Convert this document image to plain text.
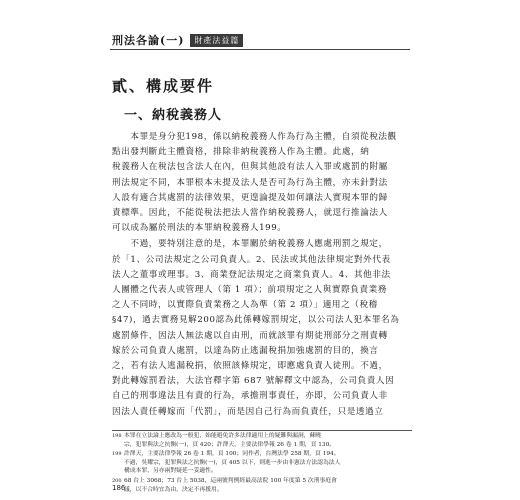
刑法各論(一)	財產法益篇
貳、構成要件
一、納稅義務人

　　本罪是身分犯198，係以納稅義務人作為行為主體，自須從稅法觀
點出發判斷此主體資格，排除非納稅義務人作為主體。此處，納
稅義務人在稅法包含法人在內，但與其他設有法人入罪或處罰的附屬
刑法規定不同，本罪根本未提及法人是否可為行為主體，亦未針對法
人設有適合其處罰的法律效果，更遑論提及如何讓法人實現本罪的歸
責標準。因此，不能從稅法把法人當作納稅義務人，就逕行推論法人
可以成為屬於刑法的本罪納稅義務人199。

　　不過，要特別注意的是，本罪關於納稅義務人應處刑罰之規定，
於「1、公司法規定之公司負責人。2、民法或其他法律規定對外代表
法人之董事或理事。3、商業登記法規定之商業負責人。4、其他非法
人團體之代表人或管理人（第 1 項）；前項規定之人與實際負責業務
之人不同時，以實際負責業務之人為準（第 2 項）」適用之（稅稽
§47)，過去實務見解200認為此係轉嫁罰規定，以公司法人犯本罪名為
處罰條件，因法人無法處以自由刑，而就該罪有期徒刑部分之刑責轉
嫁於公司負責人處罰，以達為防止逃漏稅捐加強處罰的目的，換言
之，若有法人逃漏稅捐，依照該條規定，即應處負責人徒刑。不過，
對此轉嫁罰看法，大法官釋字第 687 號解釋文中認為，公司負責人因
自己的刑事違法且有責的行為，承擔刑事責任，亦即，公司負責人非
因法人責任轉嫁而「代罰」，而是因自己行為而負責任，只是透過立

198 本罪在立法論上應改為一般犯，始能避免許多法律適用上的疑難與漏洞，蘇曉
宗，犯罪與法之抗衡(一)，頁 420；許澤天，主要法律學報 26 卷 1 期，頁 130。
199 許澤天，主要法律學報 26 卷 1 期，頁 100；同作者，台灣法學 258 期，頁 194。
不過，吳耀宗，犯罪與法之抗衡(一)，頁 405 以下，則進一步由非憲法方法認為法人
構成本罪，另亦兩對疑延一妥適性。
200 68 台上 3068；73 台上 5038，這兩號判例經最高法院 100 年度第 5 次刑事庭會
議，以不合時宜為由，決定不再援用。
186
